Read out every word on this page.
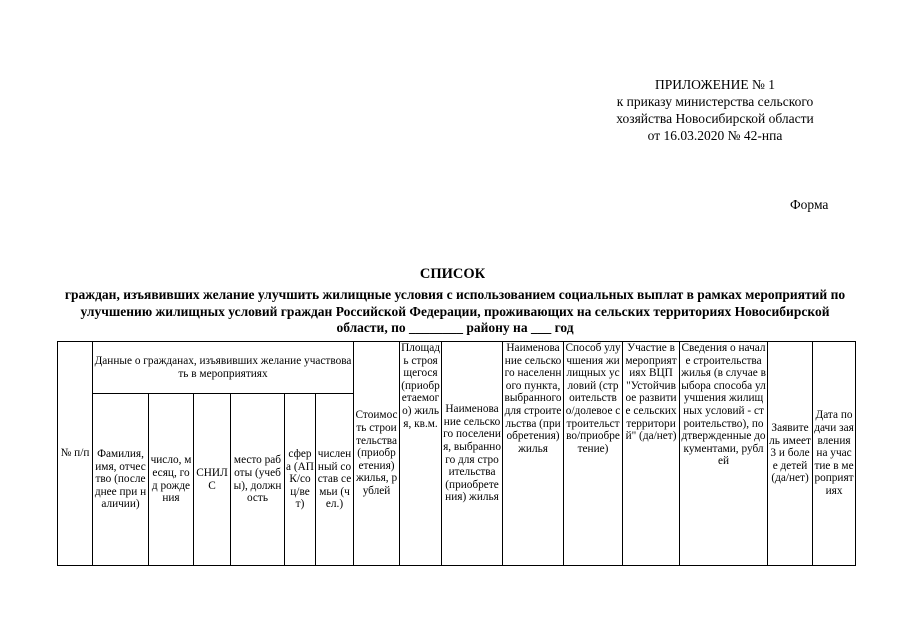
ПРИЛОЖЕНИЕ № 1
к приказу министерства сельского
хозяйства Новосибирской области
от 16.03.2020 № 42-нпа
Форма
СПИСОК
граждан, изъявивших желание улучшить жилищные условия с использованием социальных выплат в рамках мероприятий по улучшению жилищных условий граждан Российской Федерации, проживающих на сельских территориях Новосибирской области, по ________ району на ___ год
№ п/п	Данные о гражданах, изъявивших желание участвовать в мероприятиях						Стоимость строительства (приобретения) жилья, рублей	Площадь строящегося (приобретаемого) жилья, кв.м.	Наименование сельского поселения, выбранного для строительства (приобретения) жилья	Наименование сельского населенного пункта, выбранного для строительства (приобретения) жилья	Способ улучшения жилищных условий (строительство/долевое строительство/приобретение)	Участие в мероприятиях ВЦП "Устойчивое развитие сельских территорий" (да/нет)	Сведения о начале строительства жилья (в случае выбора способа улучшения жилищных условий - строительство), подтвержденные документами, рублей	Заявитель имеет 3 и более детей (да/нет)	Дата подачи заявления на участие в мероприятиях
	Фамилия, имя, отчество (последнее при наличии)	число, месяц, год рождения	СНИЛС	место работы (учебы), должность	сфера (АПК/соц/вет)	численный состав семьи (чел.)									
